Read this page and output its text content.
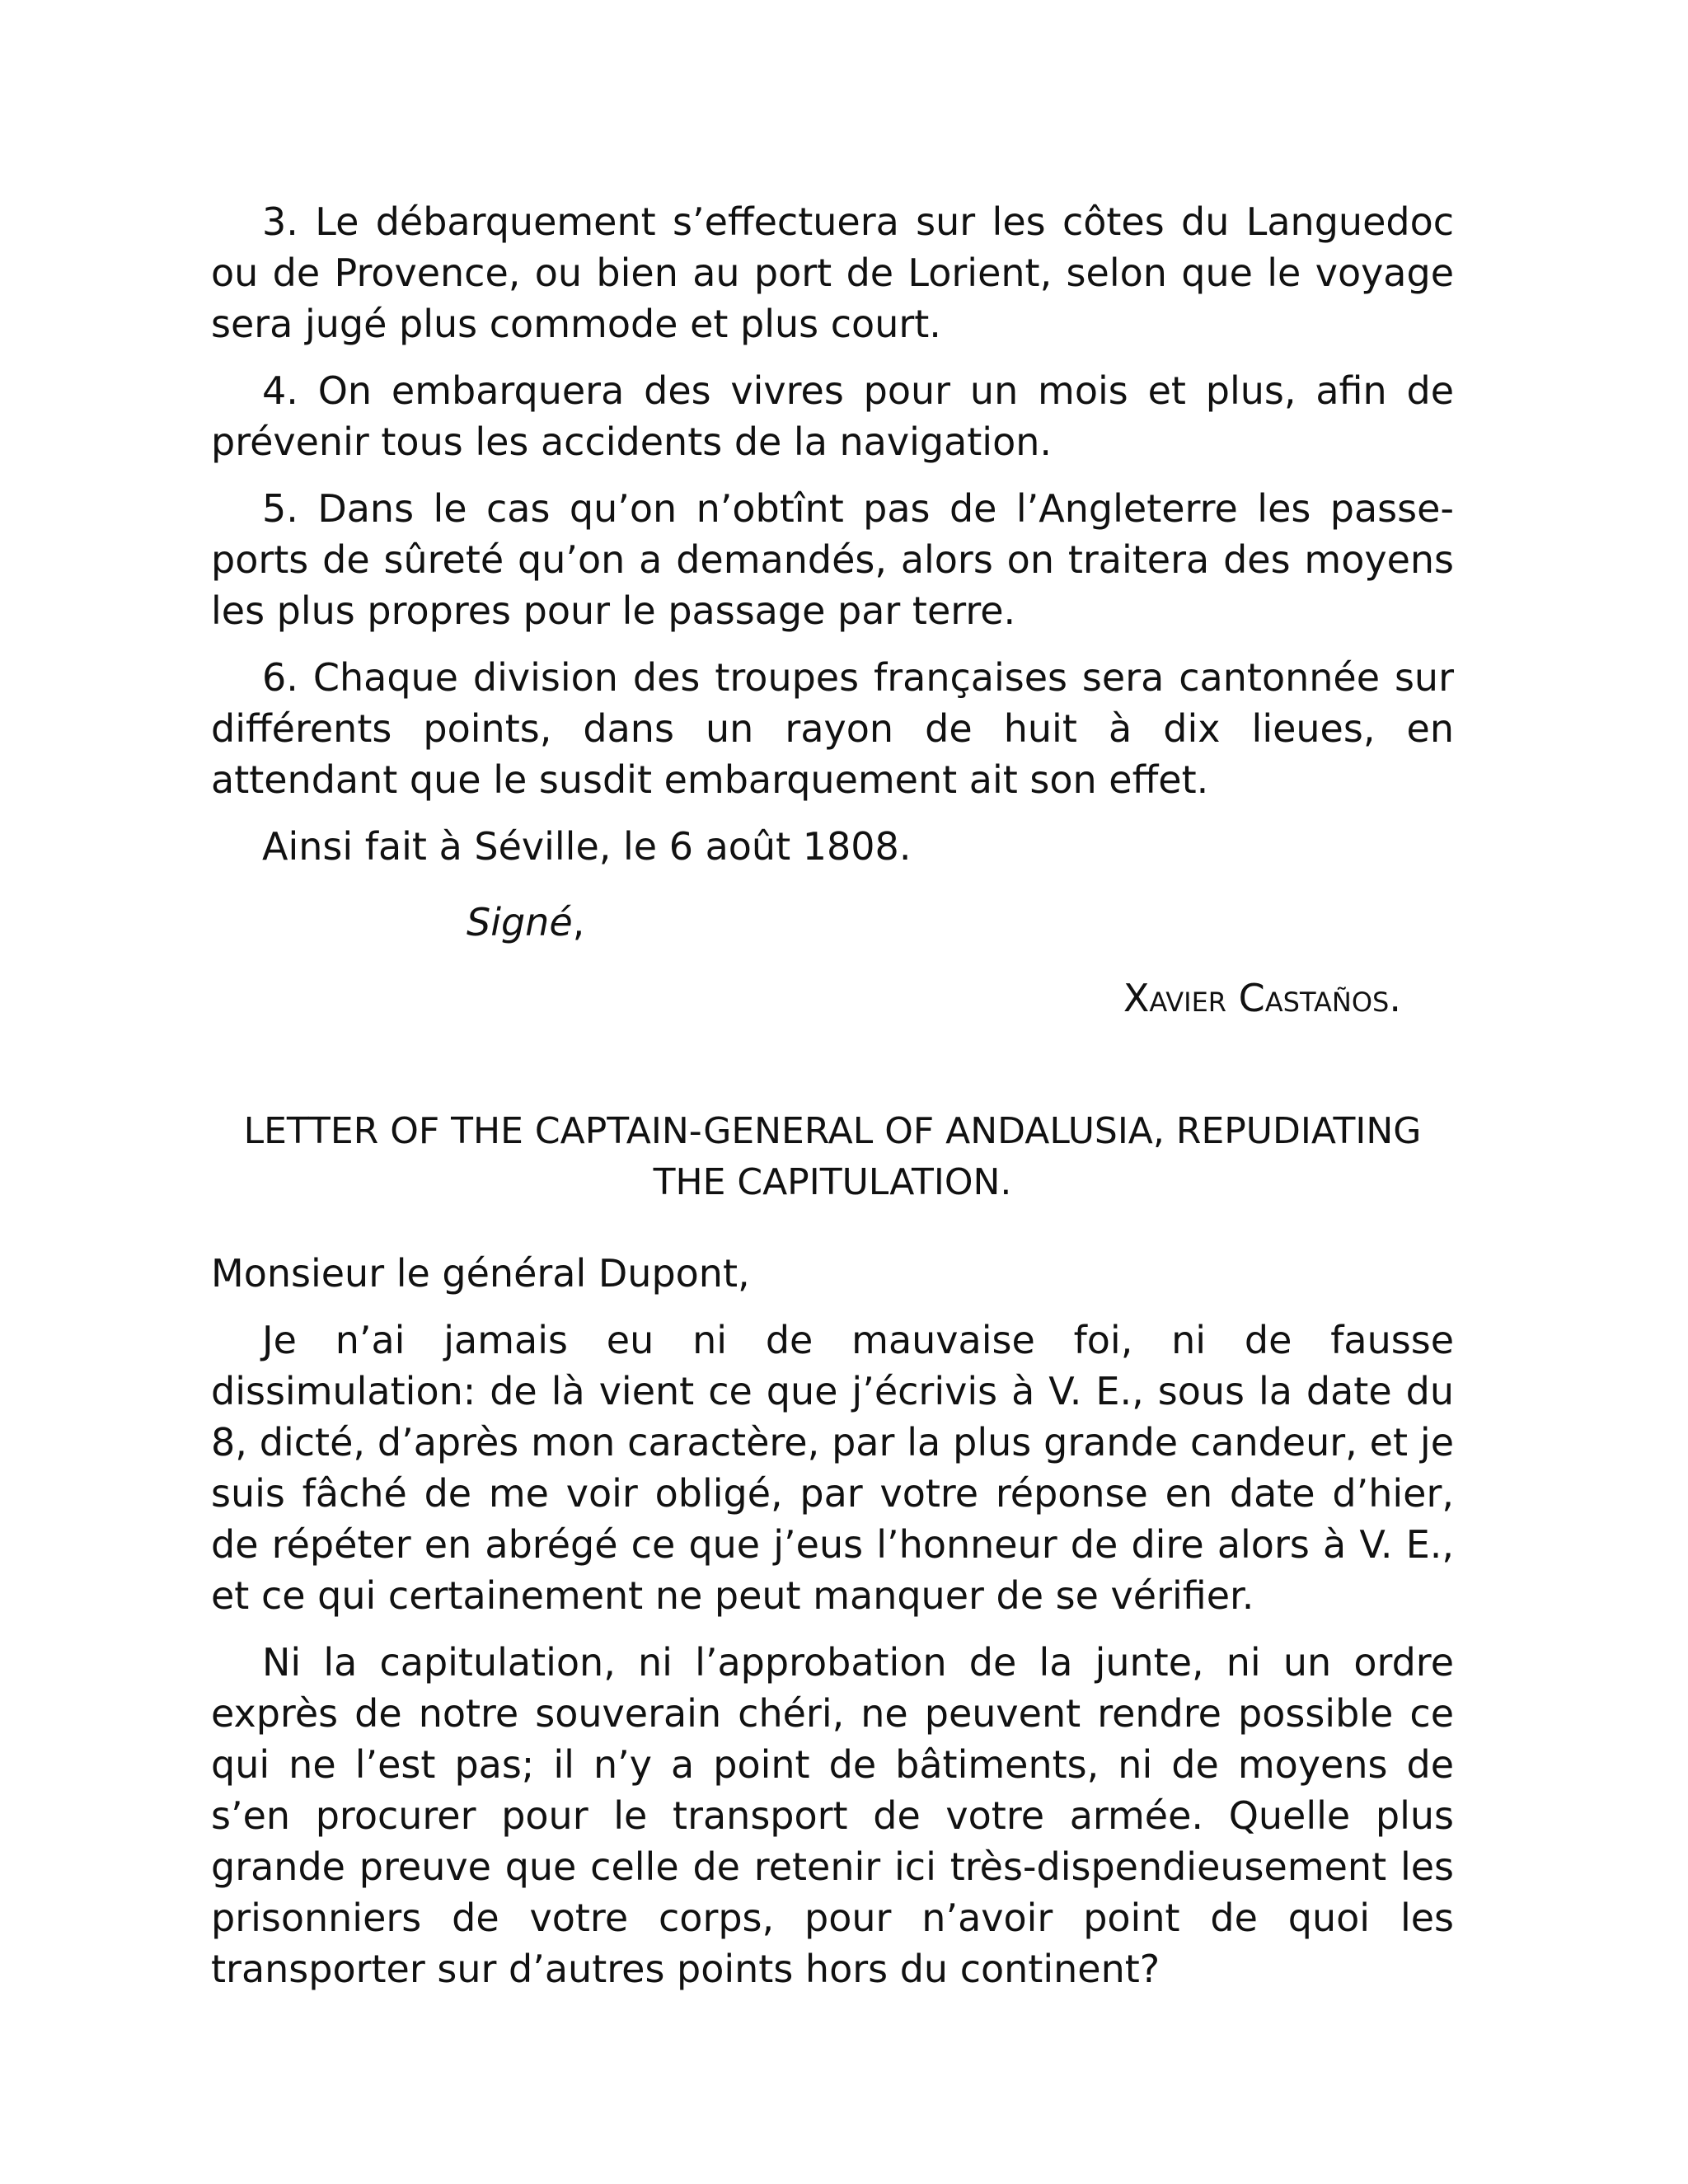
3. Le débarquement s’effectuera sur les côtes du Languedoc ou de Provence, ou bien au port de Lorient, selon que le voyage sera jugé plus commode et plus court.

4. On embarquera des vivres pour un mois et plus, afin de prévenir tous les accidents de la navigation.

5. Dans le cas qu’on n’obtînt pas de l’Angleterre les passe-ports de sûreté qu’on a demandés, alors on traitera des moyens les plus propres pour le passage par terre.

6. Chaque division des troupes françaises sera cantonnée sur différents points, dans un rayon de huit à dix lieues, en attendant que le susdit embarquement ait son effet.

Ainsi fait à Séville, le 6 août 1808.

Signé,

Xavier Castaños.

LETTER OF THE CAPTAIN-GENERAL OF ANDALUSIA, REPUDIATING THE CAPITULATION.

Monsieur le général Dupont,

Je n’ai jamais eu ni de mauvaise foi, ni de fausse dissimulation: de là vient ce que j’écrivis à V. E., sous la date du 8, dicté, d’après mon caractère, par la plus grande candeur, et je suis fâché de me voir obligé, par votre réponse en date d’hier, de répéter en abrégé ce que j’eus l’honneur de dire alors à V. E., et ce qui certainement ne peut manquer de se vérifier.

Ni la capitulation, ni l’approbation de la junte, ni un ordre exprès de notre souverain chéri, ne peuvent rendre possible ce qui ne l’est pas; il n’y a point de bâtiments, ni de moyens de s’en procurer pour le transport de votre armée. Quelle plus grande preuve que celle de retenir ici très-dispendieusement les prisonniers de votre corps, pour n’avoir point de quoi les transporter sur d’autres points hors du continent?
